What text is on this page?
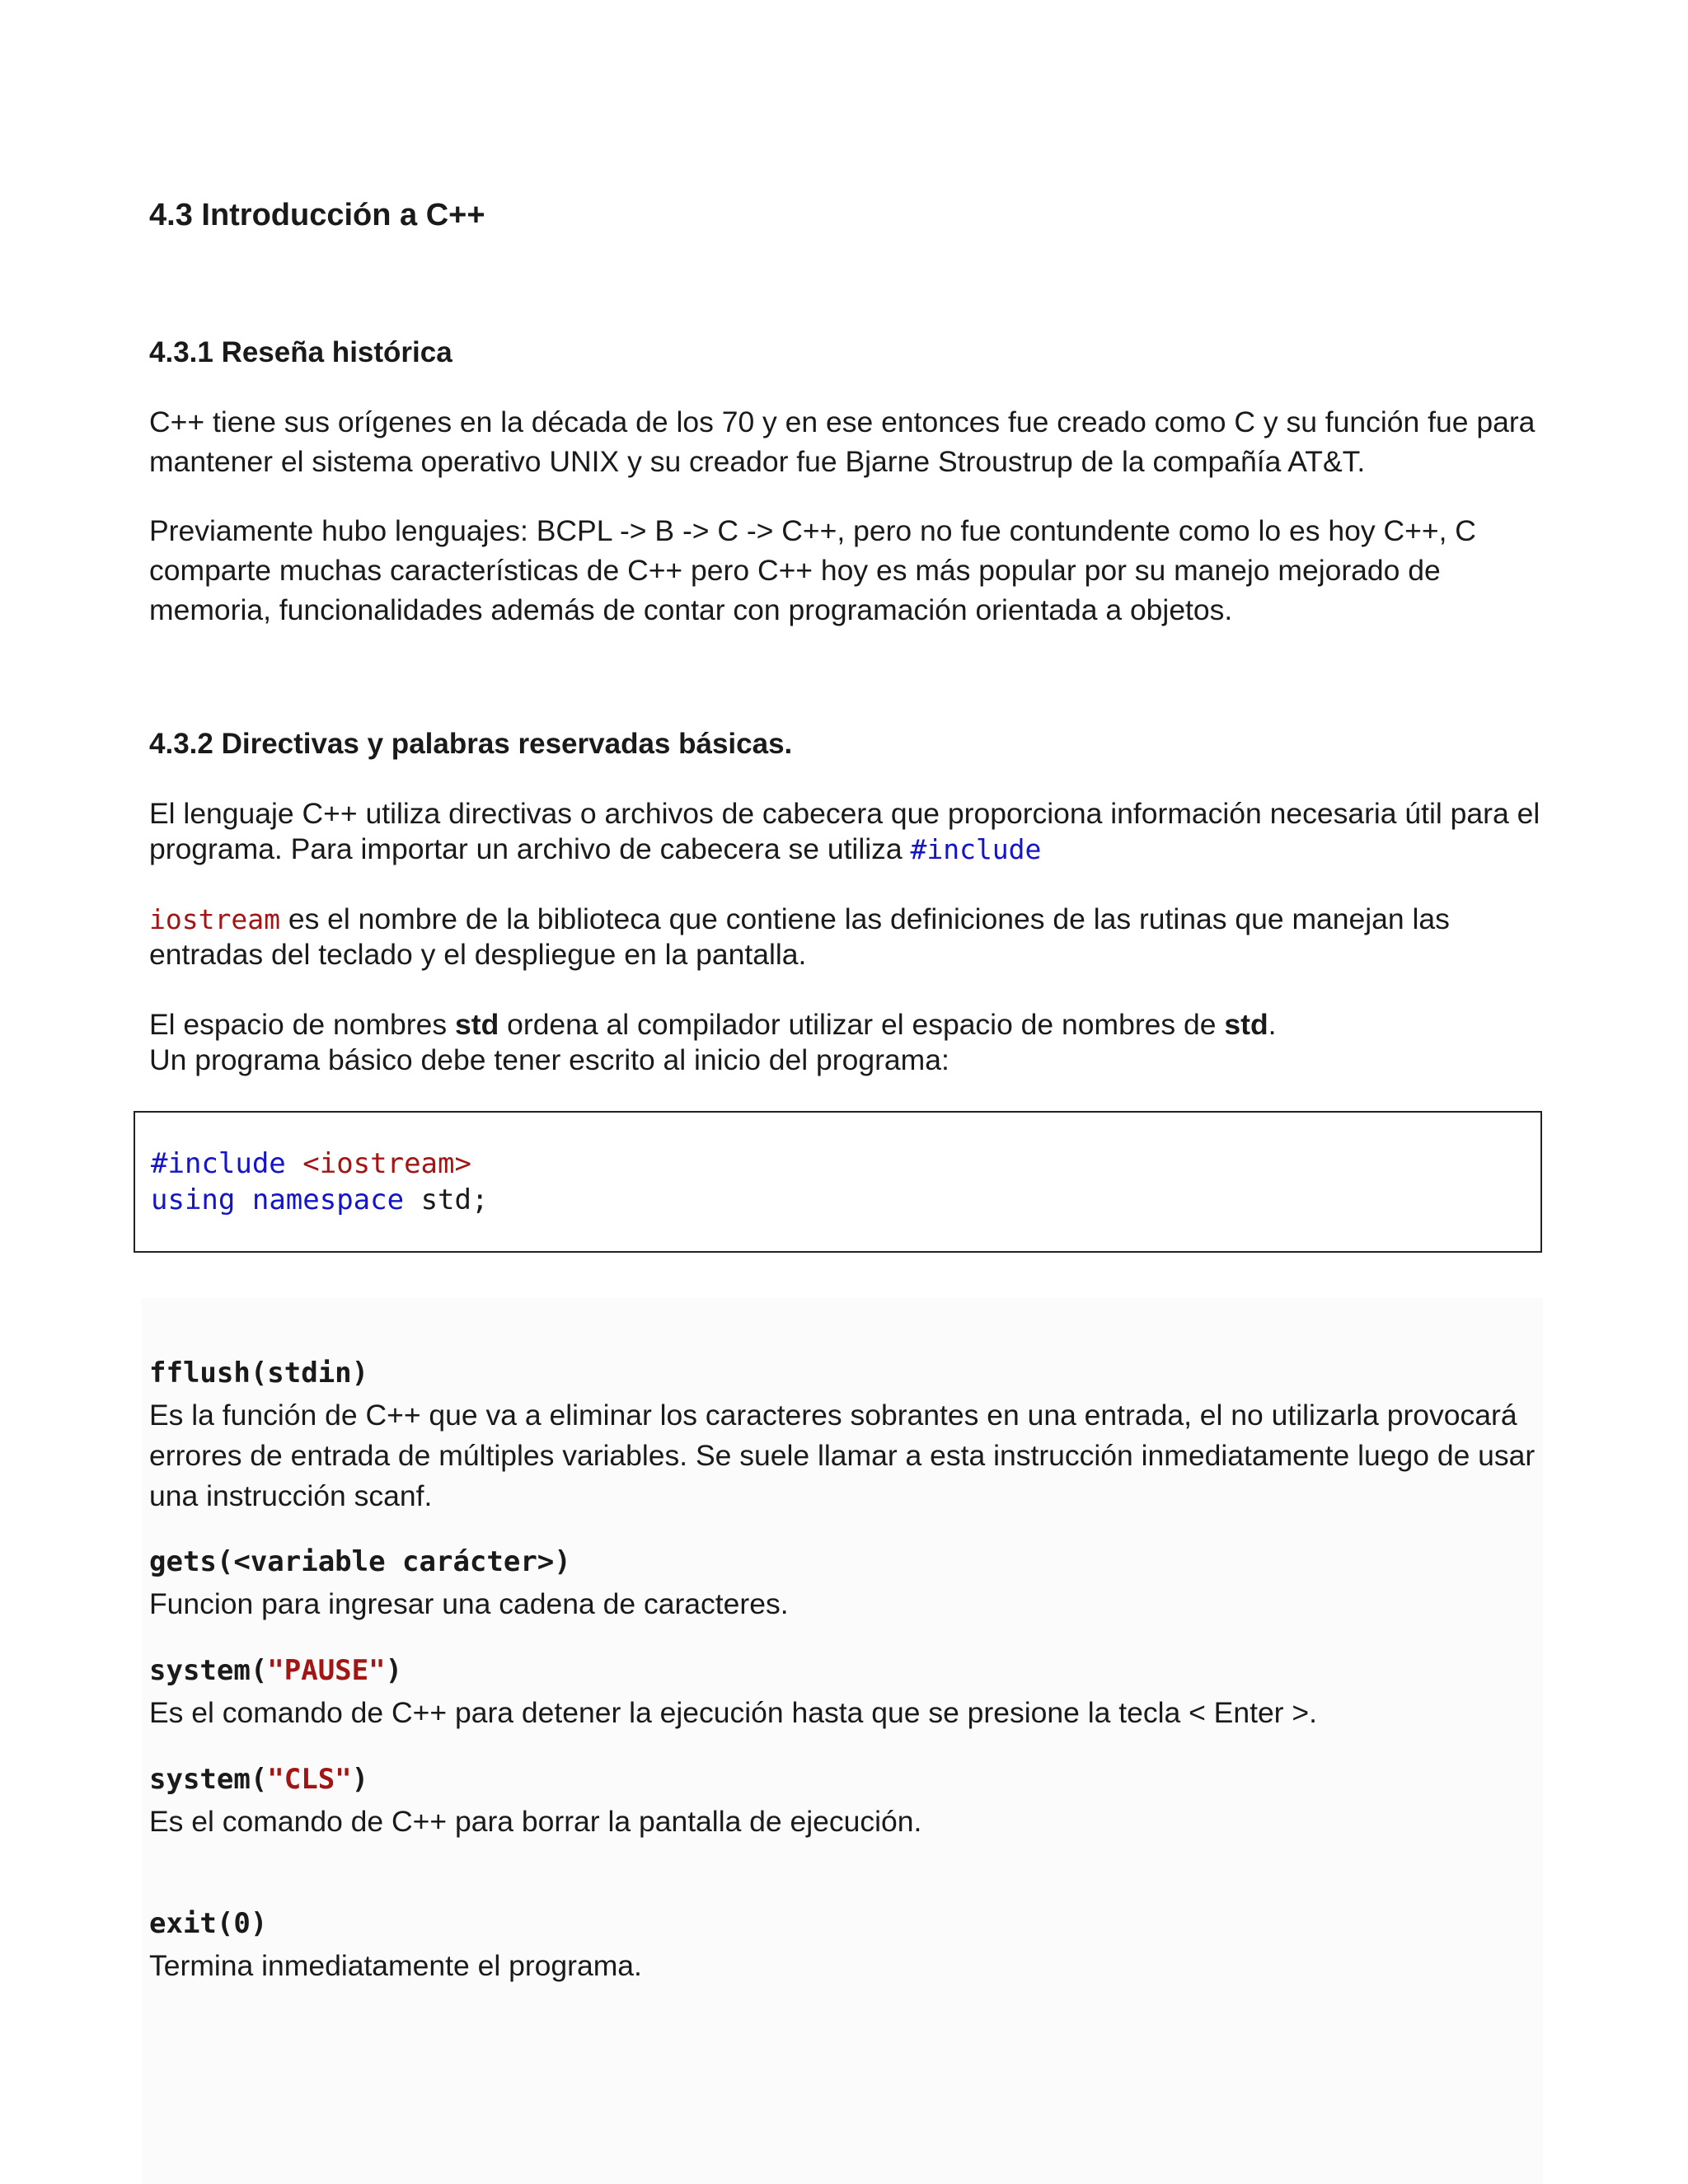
4.3 Introducción a C++
4.3.1 Reseña histórica

C++ tiene sus orígenes en la década de los 70 y en ese entonces fue creado como C y su función fue para mantener el sistema operativo UNIX y su creador fue Bjarne Stroustrup de la compañía AT&T.

Previamente hubo lenguajes: BCPL -> B -> C -> C++, pero no fue contundente como lo es hoy C++, C comparte muchas características de C++ pero C++ hoy es más popular por su manejo mejorado de memoria, funcionalidades además de contar con programación orientada a objetos.

4.3.2 Directivas y palabras reservadas básicas.

El lenguaje C++ utiliza directivas o archivos de cabecera que proporciona información necesaria útil para el programa. Para importar un archivo de cabecera se utiliza #include

iostream es el nombre de la biblioteca que contiene las definiciones de las rutinas que manejan las entradas del teclado y el despliegue en la pantalla.

El espacio de nombres std ordena al compilador utilizar el espacio de nombres de std.
Un programa básico debe tener escrito al inicio del programa:

#include <iostream>
using namespace std;
fflush(stdin)
Es la función de C++ que va a eliminar los caracteres sobrantes en una entrada, el no utilizarla provocará errores de entrada de múltiples variables. Se suele llamar a esta instrucción inmediatamente luego de usar una instrucción scanf.
gets(<variable carácter>)
Funcion para ingresar una cadena de caracteres.
system("PAUSE")
Es el comando de C++ para detener la ejecución hasta que se presione la tecla < Enter >.
system("CLS")
Es el comando de C++ para borrar la pantalla de ejecución.
exit(0)
Termina inmediatamente el programa.
